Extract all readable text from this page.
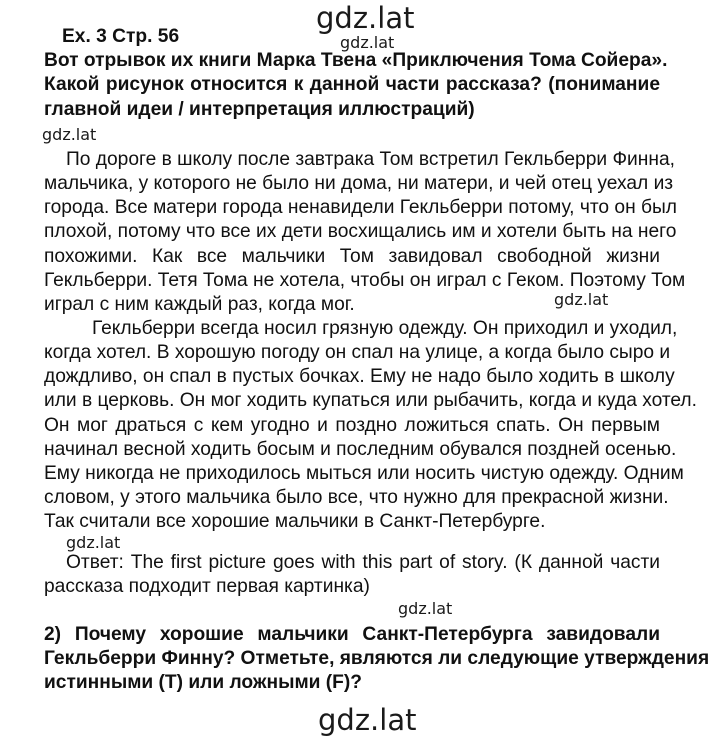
gdz.lat
gdz.lat
gdz.lat
gdz.lat
gdz.lat
gdz.lat
gdz.lat
Ex. 3 Стр. 56
Вот отрывок их книги Марка Твена «Приключения Тома Сойера».
Какой рисунок относится к данной части рассказа? (понимание
главной идеи / интерпретация иллюстраций)
По дороге в школу после завтрака Том встретил Гекльберри Финна,
мальчика, у которого не было ни дома, ни матери, и чей отец уехал из
города. Все матери города ненавидели Гекльберри потому, что он был
плохой, потому что все их дети восхищались им и хотели быть на него
похожими. Как все мальчики Том завидовал свободной жизни
Гекльберри. Тетя Тома не хотела, чтобы он играл с Геком. Поэтому Том
играл с ним каждый раз, когда мог.
Гекльберри всегда носил грязную одежду. Он приходил и уходил,
когда хотел. В хорошую погоду он спал на улице, а когда было сыро и
дождливо, он спал в пустых бочках. Ему не надо было ходить в школу
или в церковь. Он мог ходить купаться или рыбачить, когда и куда хотел.
Он мог драться с кем угодно и поздно ложиться спать. Он первым
начинал весной ходить босым и последним обувался поздней осенью.
Ему никогда не приходилось мыться или носить чистую одежду. Одним
словом, у этого мальчика было все, что нужно для прекрасной жизни.
Так считали все хорошие мальчики в Санкт-Петербурге.
Ответ: The first picture goes with this part of story. (К данной части
рассказа подходит первая картинка)
2) Почему хорошие мальчики Санкт-Петербурга завидовали
Гекльберри Финну? Отметьте, являются ли следующие утверждения
истинными (T) или ложными (F)?
